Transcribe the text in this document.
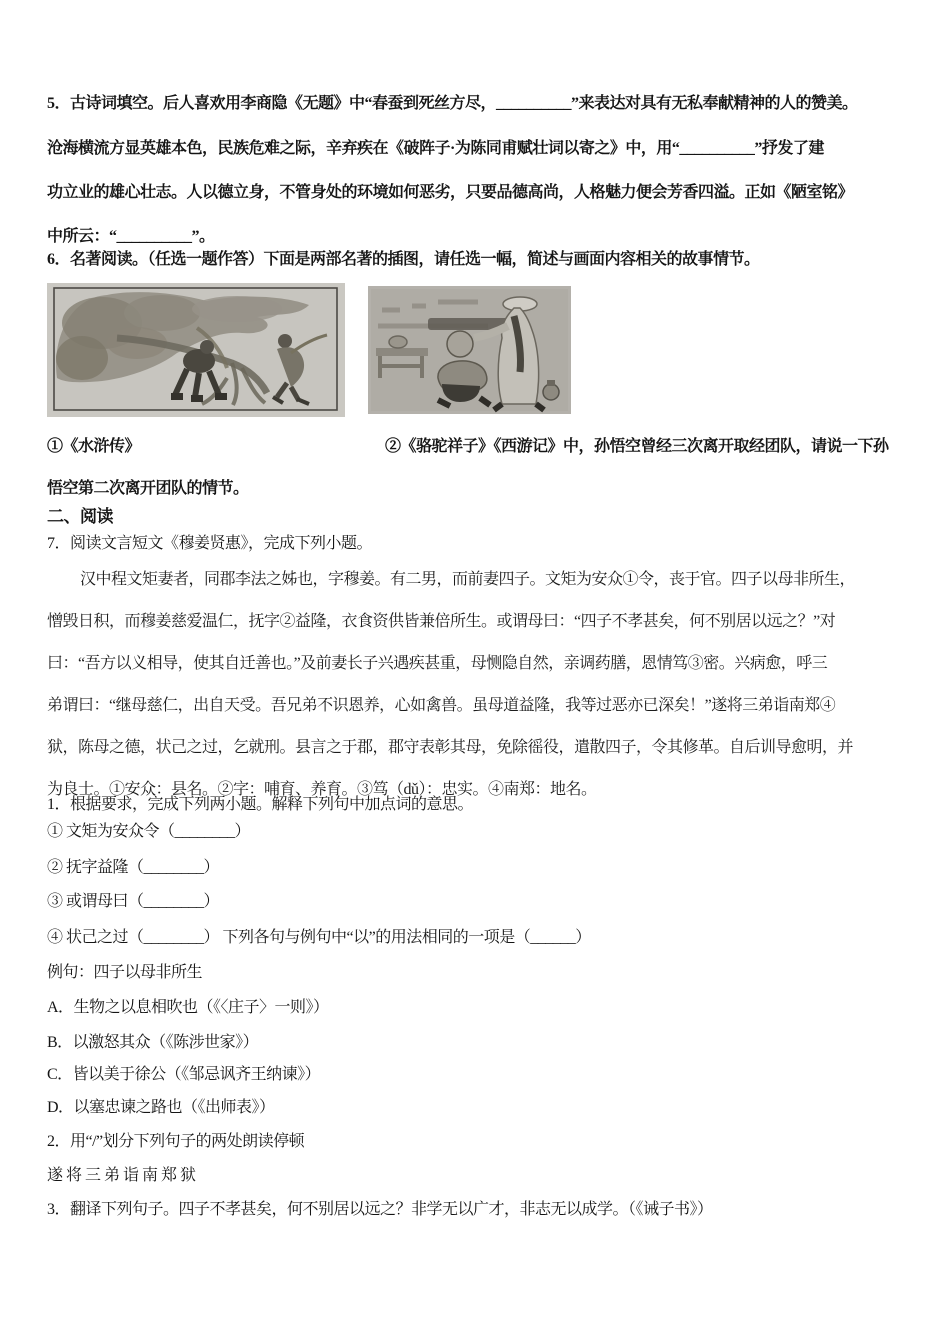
5．古诗词填空。后人喜欢用李商隐《无题》中“春蚕到死丝方尽，__________”来表达对具有无私奉献精神的人的赞美。
沧海横流方显英雄本色，民族危难之际，辛弃疾在《破阵子·为陈同甫赋壮词以寄之》中，用“__________”抒发了建
功立业的雄心壮志。人以德立身，不管身处的环境如何恶劣，只要品德高尚，人格魅力便会芳香四溢。正如《陋室铭》
中所云：“__________”。
6．名著阅读。（任选一题作答）下面是两部名著的插图，请任选一幅，简述与画面内容相关的故事情节。
①《水浒传》	②《骆驼祥子》《西游记》中，孙悟空曾经三次离开取经团队，请说一下孙
悟空第二次离开团队的情节。
二、阅读
7．阅读文言短文《穆姜贤惠》，完成下列小题。
汉中程文矩妻者，同郡李法之姊也，字穆姜。有二男，而前妻四子。文矩为安众①令，丧于官。四子以母非所生，
憎毁日积，而穆姜慈爱温仁，抚字②益隆，衣食资供皆兼倍所生。或谓母曰：“四子不孝甚矣，何不别居以远之？”对
曰：“吾方以义相导，使其自迁善也。”及前妻长子兴遇疾甚重，母恻隐自然，亲调药膳，恩情笃③密。兴病愈，呼三
弟谓曰：“继母慈仁，出自天受。吾兄弟不识恩养，心如禽兽。虽母道益隆，我等过恶亦已深矣！”遂将三弟诣南郑④
狱，陈母之德，状己之过，乞就刑。县言之于郡，郡守表彰其母，免除徭役，遣散四子，令其修革。自后训导愈明，并
为良士。①安众：县名。②字：哺育、养育。③笃（dǔ）：忠实。④南郑：地名。
1．根据要求，完成下列两小题。解释下列句中加点词的意思。
① 文矩为安众令（________）
② 抚字益隆（________）
③ 或谓母曰（________）
④ 状己之过（________） 下列各句与例句中“以”的用法相同的一项是（______）
例句：四子以母非所生
A．生物之以息相吹也（《〈庄子〉一则》）
B．以激怒其众（《陈涉世家》）
C．皆以美于徐公（《邹忌讽齐王纳谏》）
D．以塞忠谏之路也（《出师表》）
2．用“/”划分下列句子的两处朗读停顿
遂 将 三 弟 诣 南 郑 狱
3．翻译下列句子。四子不孝甚矣，何不别居以远之？非学无以广才，非志无以成学。（《诫子书》）
